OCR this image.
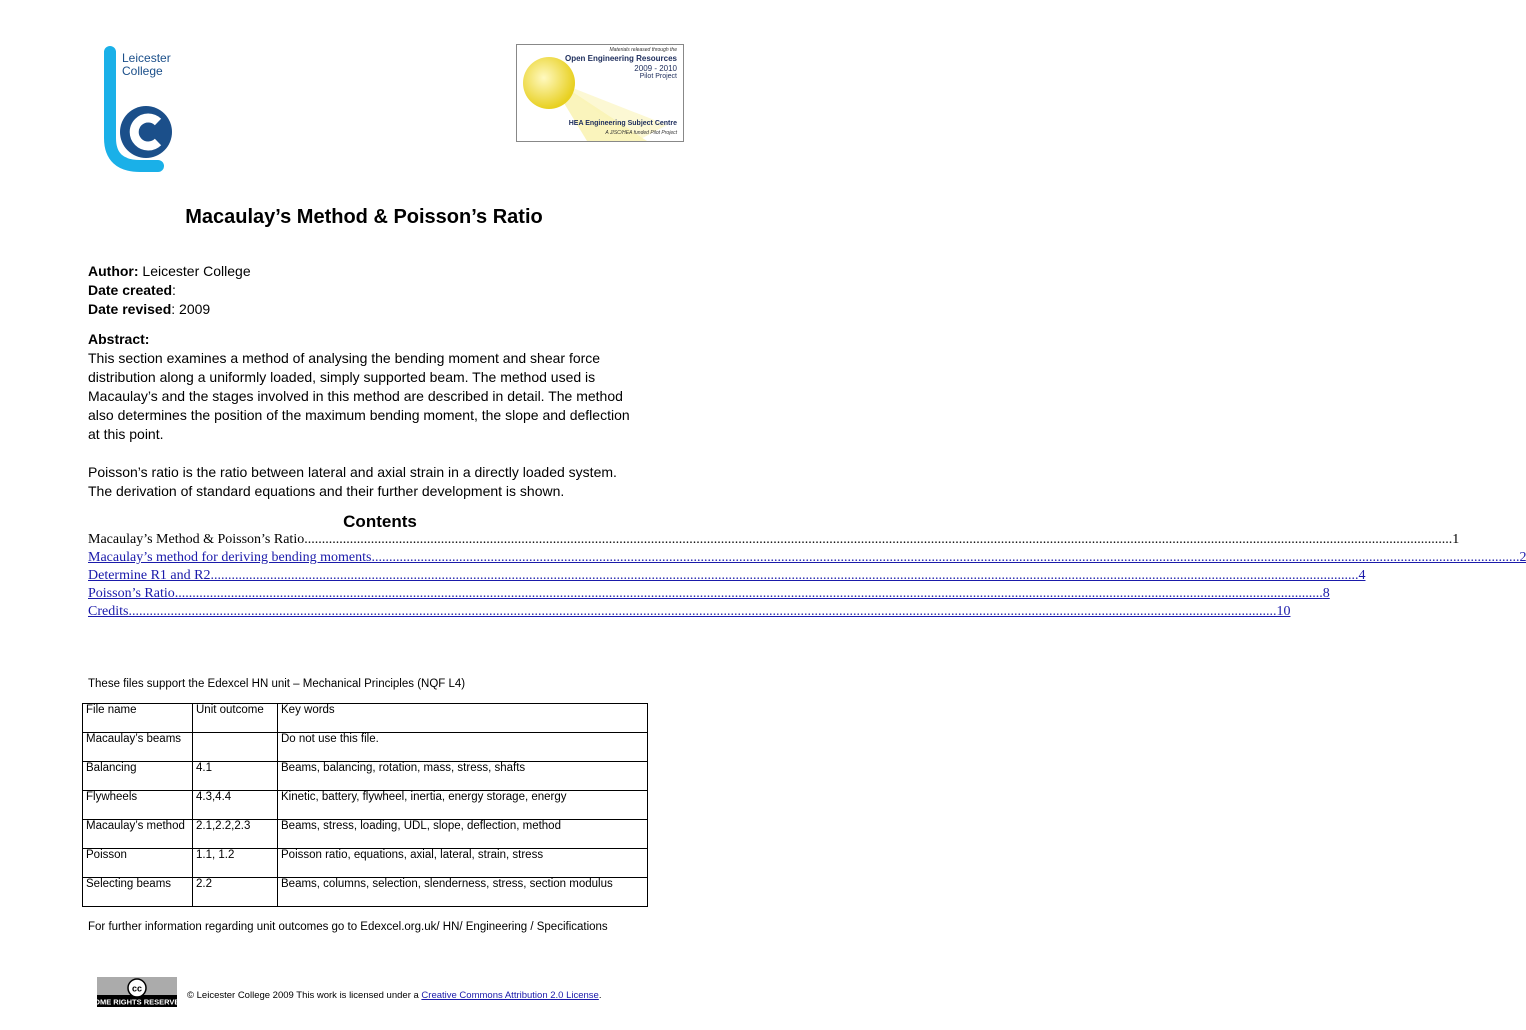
Leicester
College
Materials released through the
Open Engineering Resources
2009 - 2010
Pilot Project
HEA Engineering Subject Centre
A JISC/HEA funded Pilot Project
Macaulay’s Method & Poisson’s Ratio
Author: Leicester College
Date created:
Date revised: 2009
Abstract:
This section examines a method of analysing the bending moment and shear force
distribution along a uniformly loaded, simply supported beam. The method used is
Macaulay’s and the stages involved in this method are described in detail. The method
also determines the position of the maximum bending moment, the slope and deflection
at this point.
Poisson’s ratio is the ratio between lateral and axial strain in a directly loaded system.
The derivation of standard equations and their further development is shown.
Contents
Macaulay’s Method & Poisson’s Ratio .....	1
Macaulay’s method for deriving bending moments .....	2
Determine R1 and R2 .....	4
Poisson’s Ratio .....	8
Credits .....	10
These files support the Edexcel HN unit – Mechanical Principles (NQF L4)
File name	Unit outcome	Key words
Macaulay’s beams		Do not use this file.
Balancing	4.1	Beams, balancing, rotation, mass, stress, shafts
Flywheels	4.3,4.4	Kinetic, battery, flywheel, inertia, energy storage, energy
Macaulay’s method	2.1,2.2,2.3	Beams, stress, loading, UDL, slope, deflection, method
Poisson	1.1, 1.2	Poisson ratio, equations, axial, lateral, strain, stress
Selecting beams	2.2	Beams, columns, selection, slenderness, stress, section modulus
For further information regarding unit outcomes go to Edexcel.org.uk/ HN/ Engineering / Specifications
cc
SOME RIGHTS RESERVED
© Leicester College 2009 This work is licensed under a Creative Commons Attribution 2.0 License.
